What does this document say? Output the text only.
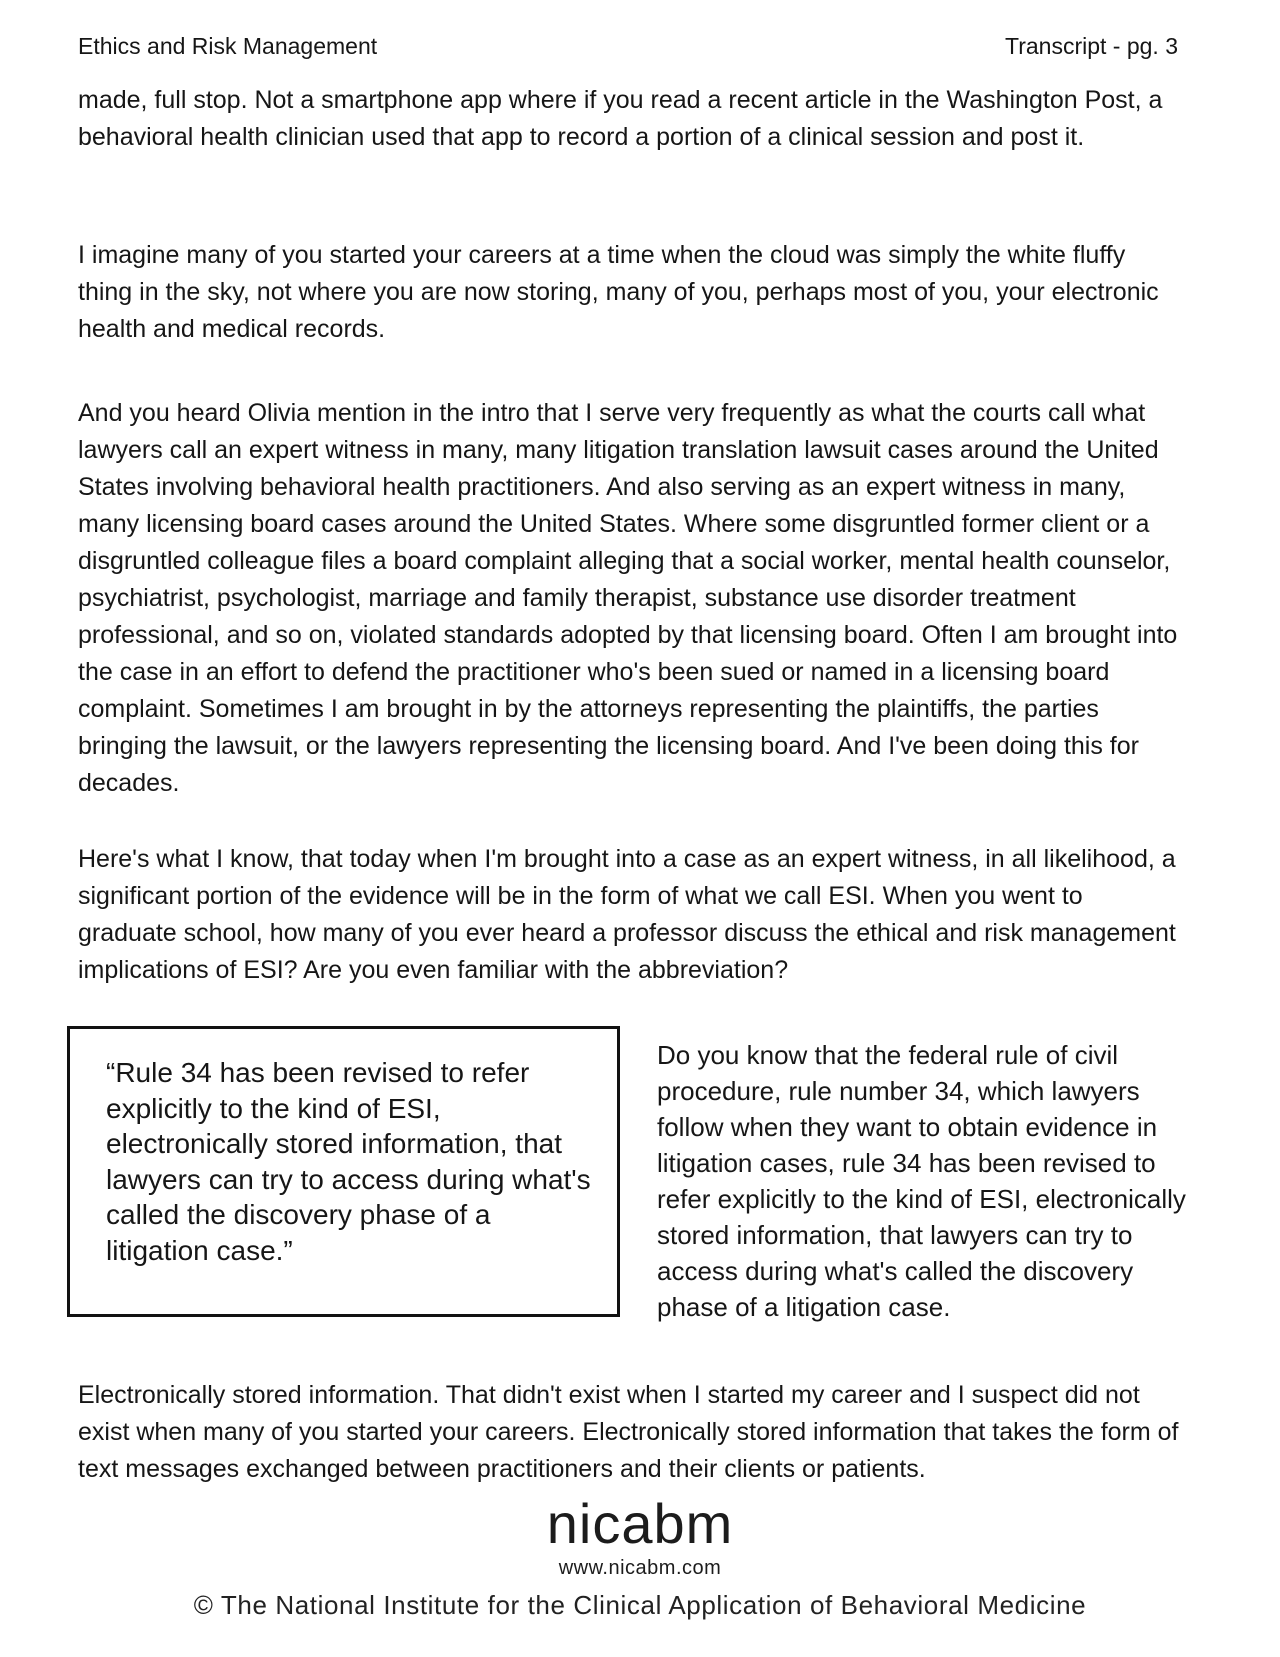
Ethics and Risk Management	Transcript - pg. 3
made, full stop. Not a smartphone app where if you read a recent article in the Washington Post, a behavioral health clinician used that app to record a portion of a clinical session and post it.
I imagine many of you started your careers at a time when the cloud was simply the white fluffy thing in the sky, not where you are now storing, many of you, perhaps most of you, your electronic health and medical records.
And you heard Olivia mention in the intro that I serve very frequently as what the courts call what lawyers call an expert witness in many, many litigation translation lawsuit cases around the United States involving behavioral health practitioners. And also serving as an expert witness in many, many licensing board cases around the United States. Where some disgruntled former client or a disgruntled colleague files a board complaint alleging that a social worker, mental health counselor, psychiatrist, psychologist, marriage and family therapist, substance use disorder treatment professional, and so on, violated standards adopted by that licensing board. Often I am brought into the case in an effort to defend the practitioner who's been sued or named in a licensing board complaint. Sometimes I am brought in by the attorneys representing the plaintiffs, the parties bringing the lawsuit, or the lawyers representing the licensing board. And I've been doing this for decades.
Here's what I know, that today when I'm brought into a case as an expert witness, in all likelihood, a significant portion of the evidence will be in the form of what we call ESI. When you went to graduate school, how many of you ever heard a professor discuss the ethical and risk management implications of ESI? Are you even familiar with the abbreviation?
“Rule 34 has been revised to refer explicitly to the kind of ESI, electronically stored information, that lawyers can try to access during what's called the discovery phase of a litigation case.”
Do you know that the federal rule of civil procedure, rule number 34, which lawyers follow when they want to obtain evidence in litigation cases, rule 34 has been revised to refer explicitly to the kind of ESI, electronically stored information, that lawyers can try to access during what's called the discovery phase of a litigation case.
Electronically stored information. That didn't exist when I started my career and I suspect did not exist when many of you started your careers. Electronically stored information that takes the form of text messages exchanged between practitioners and their clients or patients.
nicabm
www.nicabm.com
© The National Institute for the Clinical Application of Behavioral Medicine
